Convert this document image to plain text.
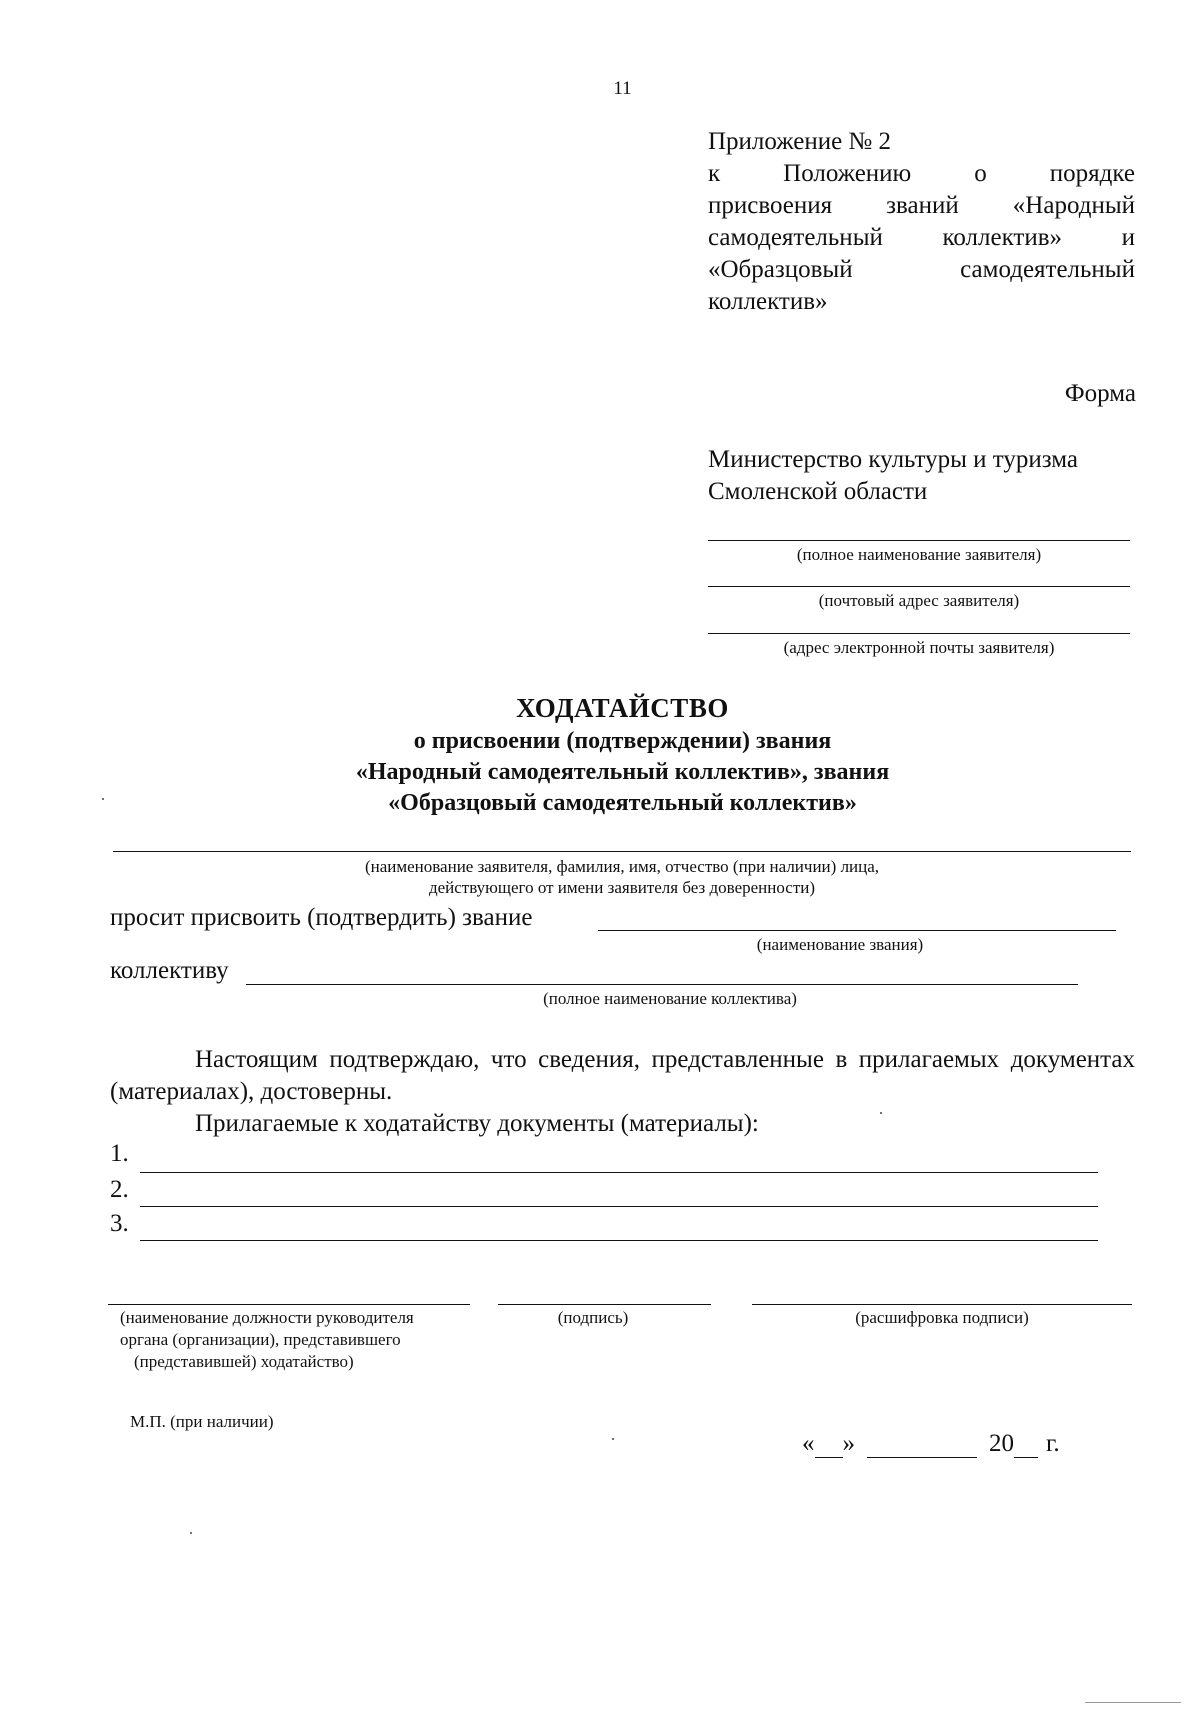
11
Приложение № 2
к	Положению	о	порядке
присвоения званий «Народный
самодеятельный коллектив» и
«Образцовый самодеятельный
коллектив»
Форма
Министерство культуры и туризма
Смоленской области
(полное наименование заявителя)
(почтовый адрес заявителя)
(адрес электронной почты заявителя)
ХОДАТАЙСТВО
о присвоении (подтверждении) звания
«Народный самодеятельный коллектив», звания
«Образцовый самодеятельный коллектив»
(наименование заявителя, фамилия, имя, отчество (при наличии) лица,
действующего от имени заявителя без доверенности)
просит присвоить (подтвердить) звание
(наименование звания)
коллективу
(полное наименование коллектива)
Настоящим подтверждаю, что сведения, представленные в прилагаемых документах (материалах), достоверны.
Прилагаемые к ходатайству документы (материалы):
1.
2.
3.
(наименование должности руководителя
органа (организации), представившего
(представившей) ходатайство)
(подпись)	(расшифровка подписи)
М.П. (при наличии)
« »	20 г.
